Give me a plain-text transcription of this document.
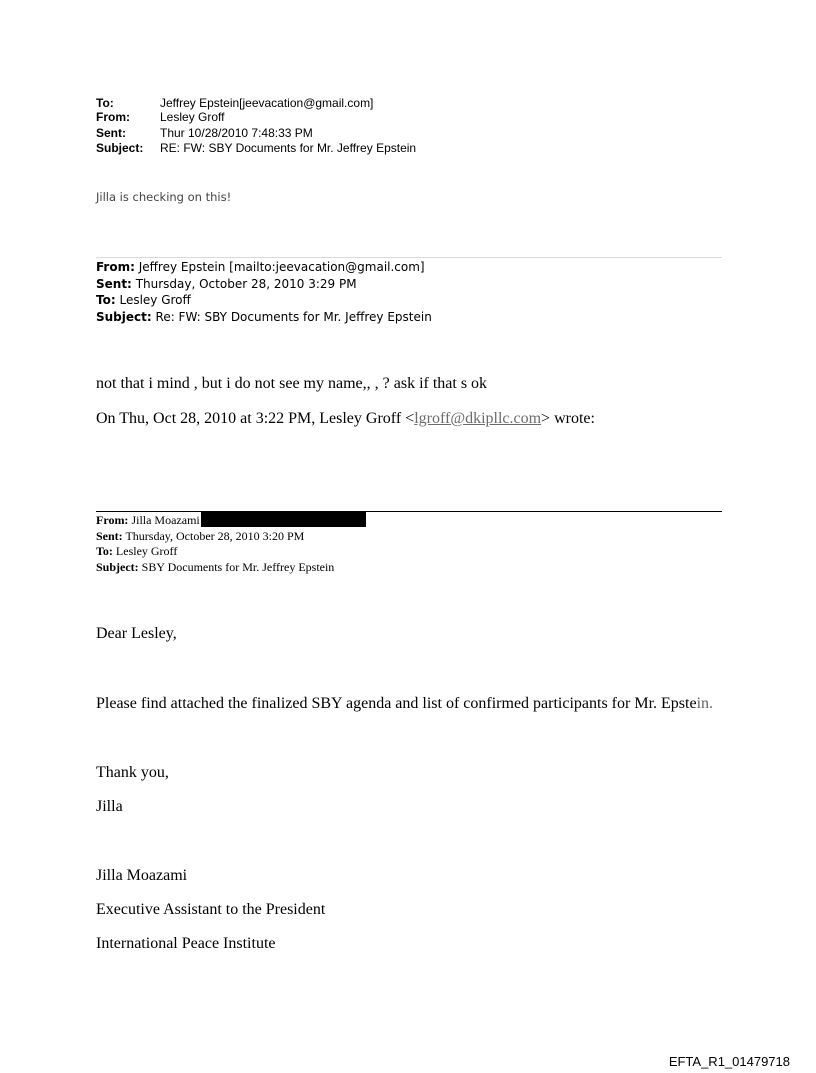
To:	Jeffrey Epstein[jeevacation@gmail.com]
From:	Lesley Groff
Sent:	Thur 10/28/2010 7:48:33 PM
Subject: RE: FW: SBY Documents for Mr. Jeffrey Epstein
Jilla is checking on this!
From: Jeffrey Epstein [mailto:jeevacation@gmail.com]
Sent: Thursday, October 28, 2010 3:29 PM
To: Lesley Groff
Subject: Re: FW: SBY Documents for Mr. Jeffrey Epstein
not that i mind , but i do not see my name,, , ? ask if that s ok
On Thu, Oct 28, 2010 at 3:22 PM, Lesley Groff <lgroff@dkipllc.com> wrote:
From: Jilla Moazami
Sent: Thursday, October 28, 2010 3:20 PM
To: Lesley Groff
Subject: SBY Documents for Mr. Jeffrey Epstein
Dear Lesley,
Please find attached the finalized SBY agenda and list of confirmed participants for Mr. Epstein.
Thank you,
Jilla
Jilla Moazami
Executive Assistant to the President
International Peace Institute
EFTA_R1_01479718
